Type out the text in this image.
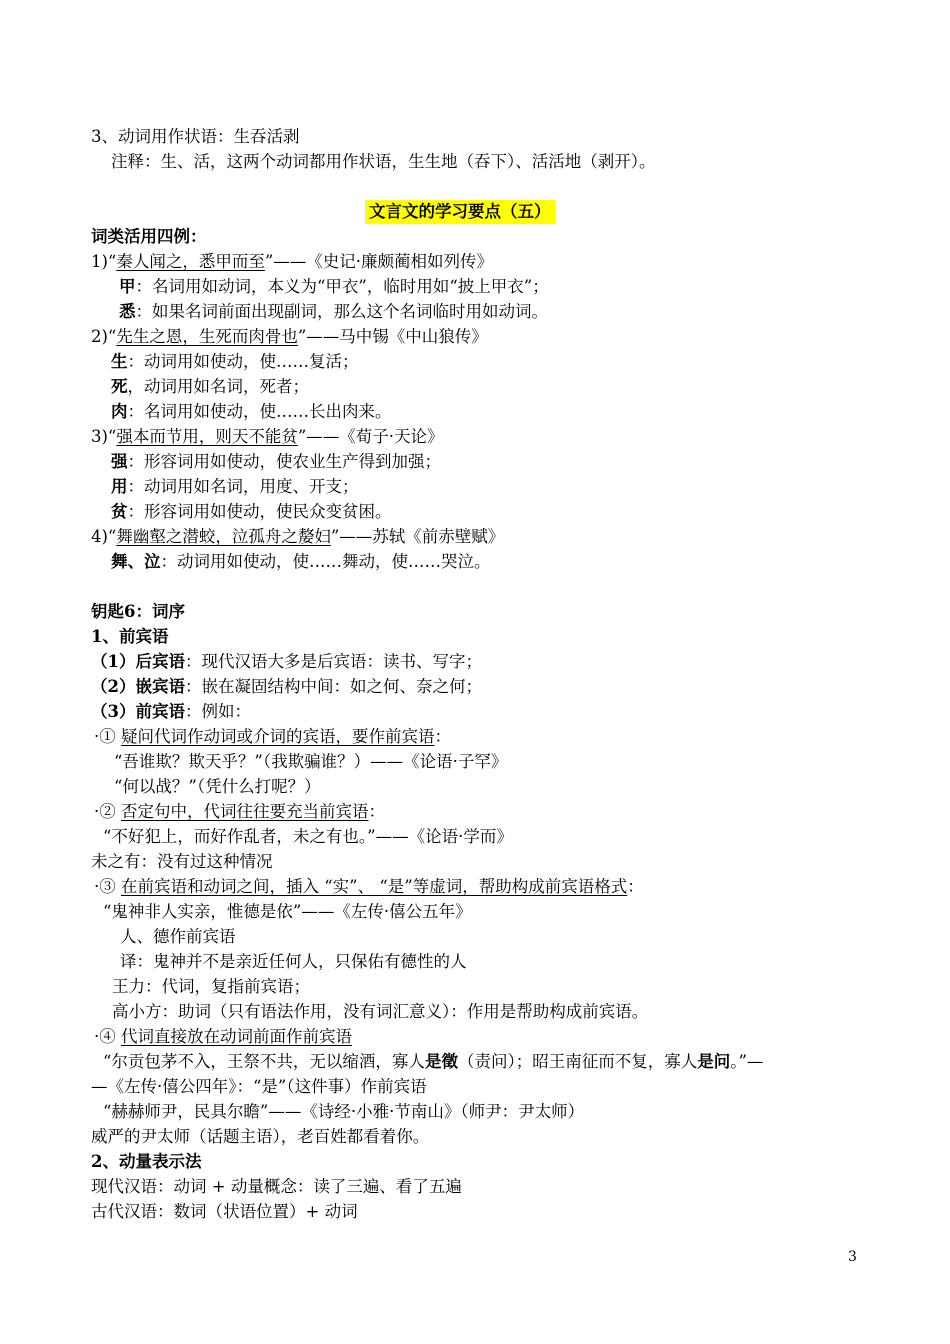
3、动词用作状语：生吞活剥
注释：生、活，这两个动词都用作状语，生生地（吞下）、活活地（剥开）。
文言文的学习要点（五）
词类活用四例：
1)“秦人闻之，悉甲而至”——《史记·廉颇蔺相如列传》
甲：名词用如动词，本义为“甲衣”，临时用如“披上甲衣”；
悉：如果名词前面出现副词，那么这个名词临时用如动词。
2)“先生之恩，生死而肉骨也”——马中锡《中山狼传》
生：动词用如使动，使……复活；
死，动词用如名词，死者；
肉：名词用如使动，使……长出肉来。
3)“强本而节用，则天不能贫”——《荀子·天论》
强：形容词用如使动，使农业生产得到加强；
用：动词用如名词，用度、开支；
贫：形容词用如使动，使民众变贫困。
4)“舞幽壑之潜蛟，泣孤舟之嫠妇”——苏轼《前赤壁赋》
舞、泣：动词用如使动，使……舞动，使……哭泣。
钥匙6：词序
1、前宾语
（1）后宾语：现代汉语大多是后宾语：读书、写字；
（2）嵌宾语：嵌在凝固结构中间：如之何、奈之何；
（3）前宾语：例如：
·① 疑问代词作动词或介词的宾语，要作前宾语：
“吾谁欺？欺天乎？”（我欺骗谁？）——《论语·子罕》
“何以战？”（凭什么打呢？）
·② 否定句中，代词往往要充当前宾语：
“不好犯上，而好作乱者，未之有也。”——《论语·学而》
未之有：没有过这种情况
·③ 在前宾语和动词之间，插入 “实”、 “是”等虚词，帮助构成前宾语格式：
“鬼神非人实亲，惟德是依”——《左传·僖公五年》
人、德作前宾语
译：鬼神并不是亲近任何人，只保佑有德性的人
王力：代词，复指前宾语；
高小方：助词（只有语法作用，没有词汇意义）：作用是帮助构成前宾语。
·④ 代词直接放在动词前面作前宾语
“尔贡包茅不入，王祭不共，无以缩酒，寡人是徵（责问）；昭王南征而不复，寡人是问。”—
—《左传·僖公四年》：“是”（这件事）作前宾语
“赫赫师尹，民具尔瞻”——《诗经·小雅·节南山》（师尹：尹太师）
威严的尹太师（话题主语），老百姓都看着你。
2、动量表示法
现代汉语：动词 + 动量概念：读了三遍、看了五遍
古代汉语：数词（状语位置）+ 动词
3
